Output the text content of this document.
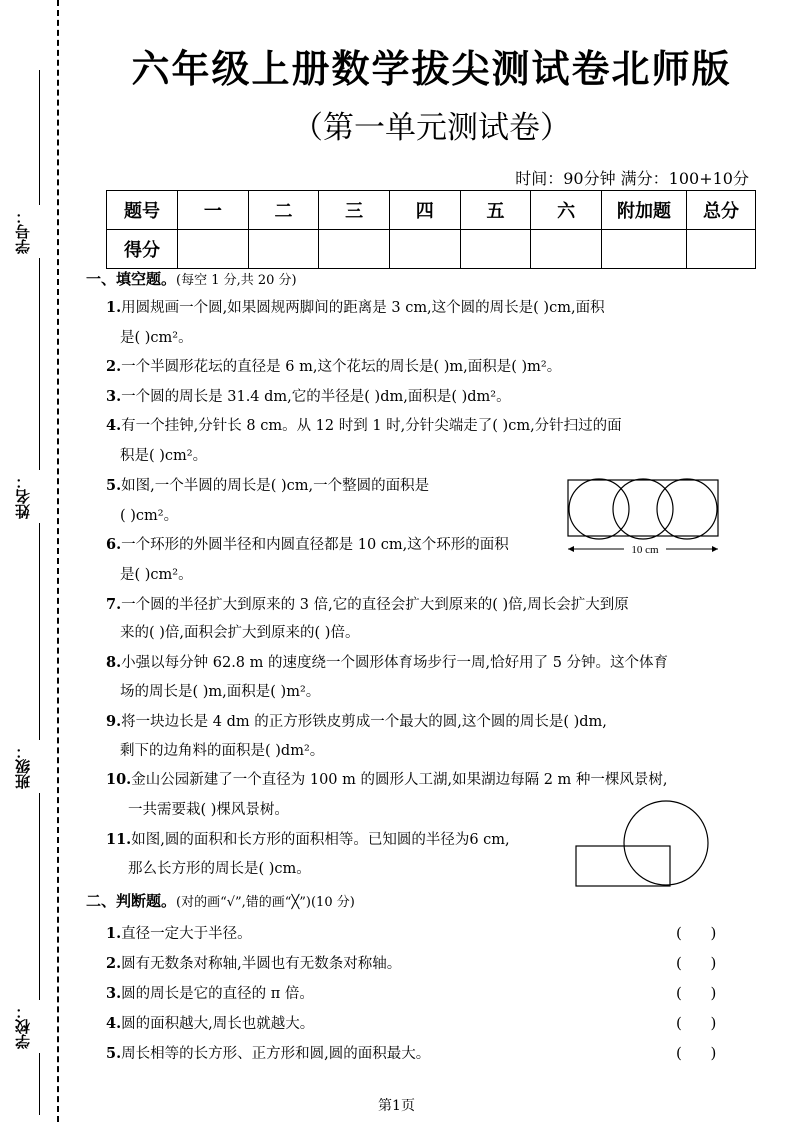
学号：
姓名：
班级：
学校：
六年级上册数学拔尖测试卷北师版
（第一单元测试卷）
时间：90分钟 满分：100+10分
题号	一	二	三	四	五	六	附加题	总分
得分								
一、填空题。(每空 1 分,共 20 分)
1.用圆规画一个圆,如果圆规两脚间的距离是 3 cm,这个圆的周长是( )cm,面积
是( )cm²。
2.一个半圆形花坛的直径是 6 m,这个花坛的周长是( )m,面积是( )m²。
3.一个圆的周长是 31.4 dm,它的半径是( )dm,面积是( )dm²。
4.有一个挂钟,分针长 8 cm。从 12 时到 1 时,分针尖端走了( )cm,分针扫过的面
积是( )cm²。
5.如图,一个半圆的周长是( )cm,一个整圆的面积是
( )cm²。
10 cm
6.一个环形的外圆半径和内圆直径都是 10 cm,这个环形的面积
是( )cm²。
7.一个圆的半径扩大到原来的 3 倍,它的直径会扩大到原来的( )倍,周长会扩大到原
来的( )倍,面积会扩大到原来的( )倍。
8.小强以每分钟 62.8 m 的速度绕一个圆形体育场步行一周,恰好用了 5 分钟。这个体育
场的周长是( )m,面积是( )m²。
9.将一块边长是 4 dm 的正方形铁皮剪成一个最大的圆,这个圆的周长是( )dm,
剩下的边角料的面积是( )dm²。
10.金山公园新建了一个直径为 100 m 的圆形人工湖,如果湖边每隔 2 m 种一棵风景树,
一共需要栽( )棵风景树。
11.如图,圆的面积和长方形的面积相等。已知圆的半径为6 cm,
那么长方形的周长是( )cm。
二、判断题。(对的画“√”,错的画“╳”)(10 分)
1.直径一定大于半径。	(      )
2.圆有无数条对称轴,半圆也有无数条对称轴。	(      )
3.圆的周长是它的直径的 π 倍。	(      )
4.圆的面积越大,周长也就越大。	(      )
5.周长相等的长方形、正方形和圆,圆的面积最大。	(      )
第1页
